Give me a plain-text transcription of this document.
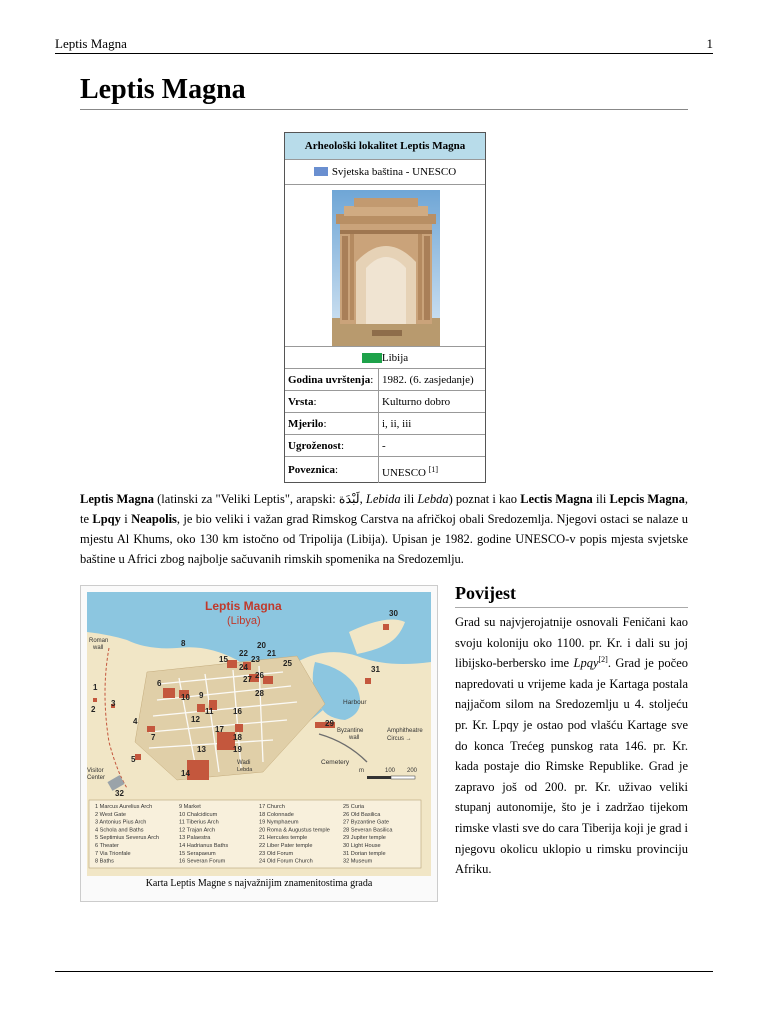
Leptis Magna	1
Leptis Magna
Arheološki lokalitet Leptis Magna
Svjetska baština - UNESCO
Libija
Godina uvrštenja: 1982. (6. zasjedanje)
Vrsta:	Kulturno dobro
Mjerilo:	i, ii, iii
Ugroženost:	-
Poveznica:	UNESCO [1]

Leptis Magna (latinski za "Veliki Leptis", arapski: لَبْدَة, Lebida ili Lebda) poznat i kao Lectis Magna ili Lepcis Magna, te Lpqy i Neapolis, je bio veliki i važan grad Rimskog Carstva na afričkoj obali Sredozemlja. Njegovi ostaci se nalaze u mjestu Al Khums, oko 130 km istočno od Tripolija (Libija). Upisan je 1982. godine UNESCO-v popis mjesta svjetske baštine u Africi zbog najbolje sačuvanih rimskih spomenika na Sredozemlju.

Leptis Magna
(Libya)
Roman
wall
Harbour
Byzantine
wall
Amphitheatre
Circus →
Cemetery
Wadi
Lebda
Visitor
Center
8	20
21
22
15	23	25
24
26
27
6
28
1
10 9
2
3
11 16
12
4	29
7
17
18
13	19
5
14
32
30
31
m	100 200
1 Marcus Aurelius Arch
2 West Gate
3 Antonius Pius Arch
4 Schola and Baths
5 Septimius Severus Arch
6 Theater
7 Via Trionfale
8 Baths
9 Market
10 Chalcidicum
11 Tiberius Arch
12 Trajan Arch
13 Palaestra
14 Hadrianus Baths
15 Serapaeum
16 Severan Forum
17 Church
18 Colonnade
19 Nymphaeum
20 Roma & Augustus temple
21 Hercules temple
22 Liber Pater temple
23 Old Forum
24 Old Forum Church
25 Curia
26 Old Basilica
27 Byzantine Gate
28 Severan Basilica
29 Jupiter temple
30 Light House
31 Dorian temple
32 Museum
Karta Leptis Magne s najvažnijim znamenitostima grada
Povijest

Grad su najvjerojatnije osnovali Feničani kao svoju koloniju oko 1100. pr. Kr. i dali su joj libijsko-berbersko ime Lpqy[2]. Grad je počeo napredovati u vrijeme kada je Kartaga postala najjačom silom na Sredozemlju u 4. stoljeću pr. Kr. Lpqy je ostao pod vlašću Kartage sve do konca Trećeg punskog rata 146. pr. Kr. kada postaje dio Rimske Republike. Grad je zapravo još od 200. pr. Kr. uživao veliki stupanj autonomije, što je i zadržao tijekom rimske vlasti sve do cara Tiberija koji je grad i njegovu okolicu uklopio u rimsku provinciju Afriku.
